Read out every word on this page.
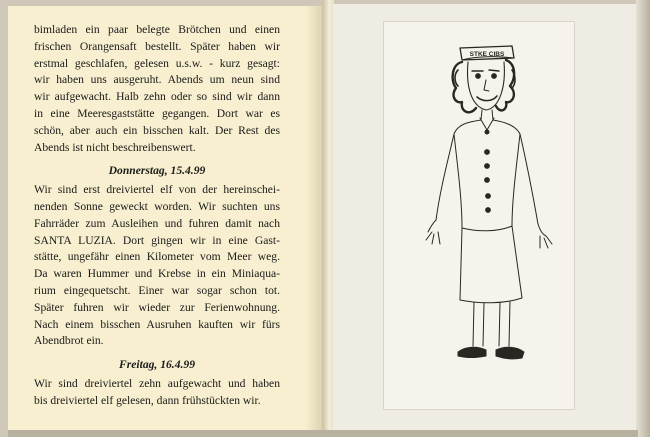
bimladen ein paar belegte Brötchen und einen
frischen Orangensaft bestellt. Später haben wir
erstmal geschlafen, gelesen u.s.w. - kurz gesagt:
wir haben uns ausgeruht. Abends um neun sind
wir aufgewacht. Halb zehn oder so sind wir dann
in eine Meeresgaststätte gegangen. Dort war es
schön, aber auch ein bisschen kalt. Der Rest des
Abends ist nicht beschreibenswert.
Donnerstag, 15.4.99
Wir sind erst dreiviertel elf von der hereinschei-
nenden Sonne geweckt worden. Wir suchten uns
Fahrräder zum Ausleihen und fuhren damit nach
SANTA LUZIA. Dort gingen wir in eine Gast-
stätte, ungefähr einen Kilometer vom Meer weg.
Da waren Hummer und Krebse in ein Miniaqua-
rium eingequetscht. Einer war sogar schon tot.
Später fuhren wir wieder zur Ferienwohnung.
Nach einem bisschen Ausruhen kauften wir fürs
Abendbrot ein.
Freitag, 16.4.99
Wir sind dreiviertel zehn aufgewacht und haben
bis dreiviertel elf gelesen, dann frühstückten wir.
STKE CIBS
